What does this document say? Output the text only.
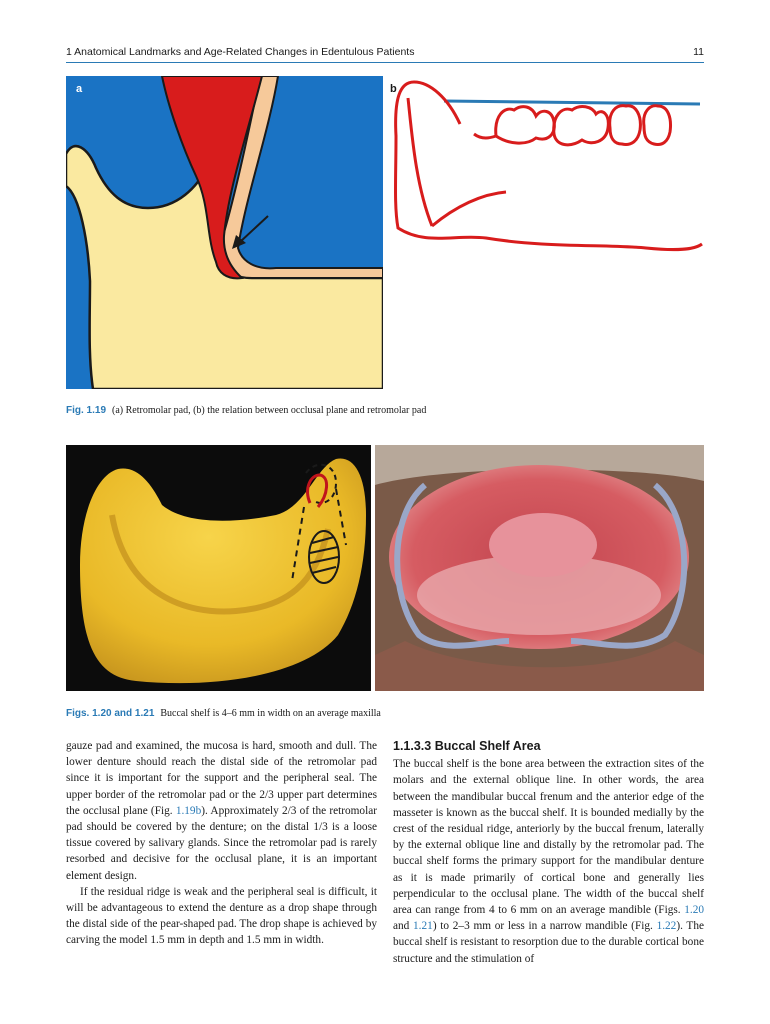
1 Anatomical Landmarks and Age-Related Changes in Edentulous Patients	11
a	b
Fig. 1.19 (a) Retromolar pad, (b) the relation between occlusal plane and retromolar pad
Figs. 1.20 and 1.21 Buccal shelf is 4–6 mm in width on an average maxilla

gauze pad and examined, the mucosa is hard, smooth and dull. The lower denture should reach the distal side of the retromolar pad since it is important for the support and the peripheral seal. The upper border of the retromolar pad or the 2/3 upper part determines the occlusal plane (Fig. 1.19b). Approximately 2/3 of the retromolar pad should be covered by the denture; on the distal 1/3 is a loose tissue covered by salivary glands. Since the retromolar pad is rarely resorbed and decisive for the occlusal plane, it is an important element design.

If the residual ridge is weak and the peripheral seal is difficult, it will be advantageous to extend the denture as a drop shape through the distal side of the pear-shaped pad. The drop shape is achieved by carving the model 1.5 mm in depth and 1.5 mm in width.

1.1.3.3 Buccal Shelf Area

The buccal shelf is the bone area between the extraction sites of the molars and the external oblique line. In other words, the area between the mandibular buccal frenum and the anterior edge of the masseter is known as the buccal shelf. It is bounded medially by the crest of the residual ridge, anteriorly by the buccal frenum, laterally by the external oblique line and distally by the retromolar pad. The buccal shelf forms the primary support for the mandibular denture as it is made primarily of cortical bone and generally lies perpendicular to the occlusal plane. The width of the buccal shelf area can range from 4 to 6 mm on an average mandible (Figs. 1.20 and 1.21) to 2–3 mm or less in a narrow mandible (Fig. 1.22). The buccal shelf is resistant to resorption due to the durable cortical bone structure and the stimulation of
